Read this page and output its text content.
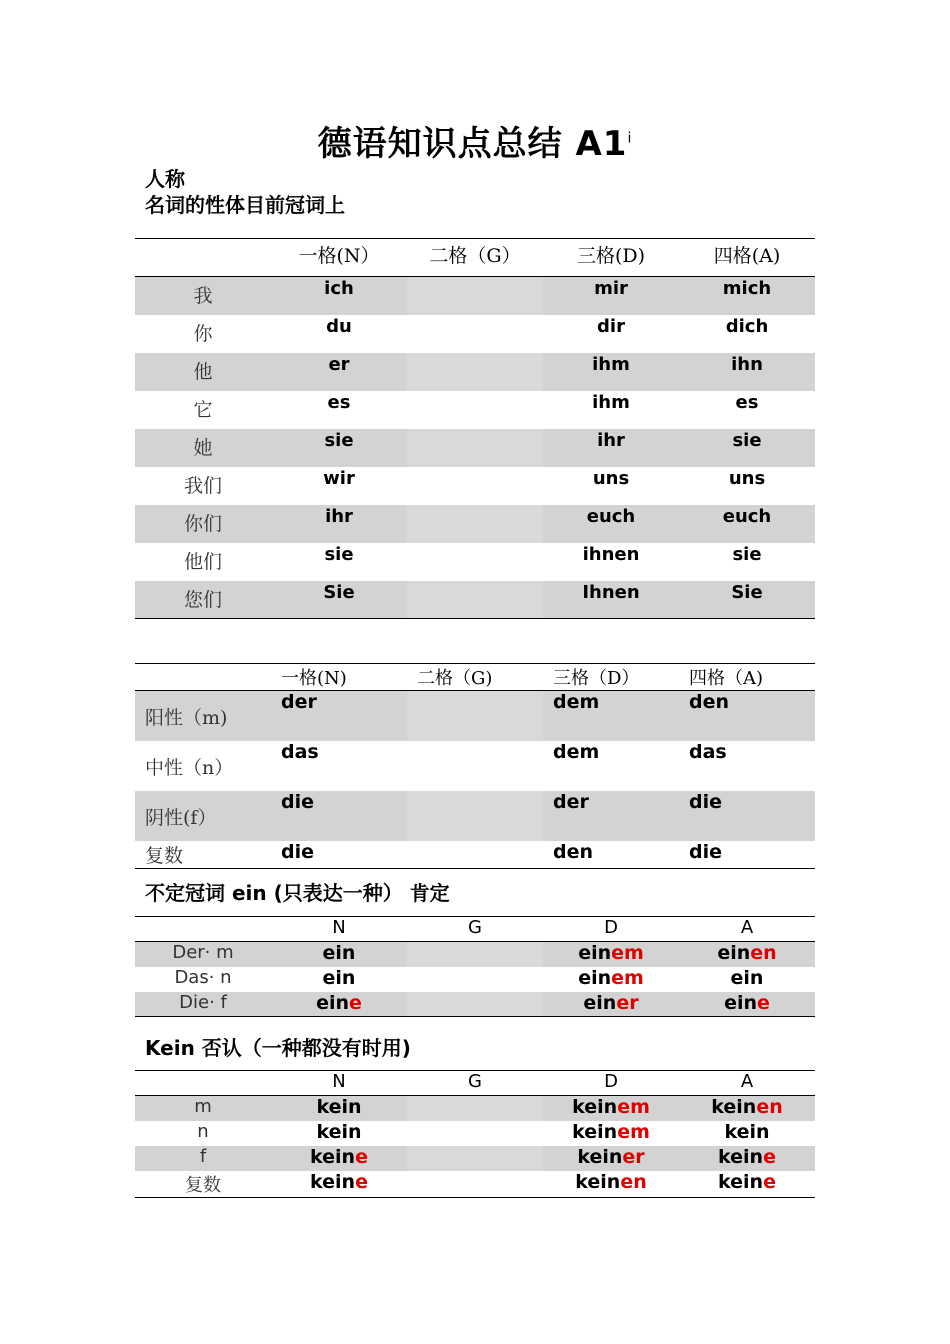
德语知识点总结 A1$^i$
人称
名词的性体目前冠词上
	一格(N）	二格（G）	三格(D)	四格(A)
我	ich		mir	mich
你	du		dir	dich
他	er		ihm	ihn
它	es		ihm	es
她	sie		ihr	sie
我们	wir		uns	uns
你们	ihr		euch	euch
他们	sie		ihnen	sie
您们	Sie		Ihnen	Sie
	一格(N)	二格（G)	三格（D）	四格（A)
阳性（m)	der		dem	den
中性（n）	das		dem	das
阴性(f）	die		der	die
复数	die		den	die
不定冠词 ein (只表达一种） 肯定
	N	G	D	A
Der· m	ein		einem	einen
Das· n	ein		einem	ein
Die· f	eine		einer	eine
Kein 否认（一种都没有时用)
	N	G	D	A
m	kein		keinem	keinen
n	kein		keinem	kein
f	keine		keiner	keine
复数	keine		keinen	keine
